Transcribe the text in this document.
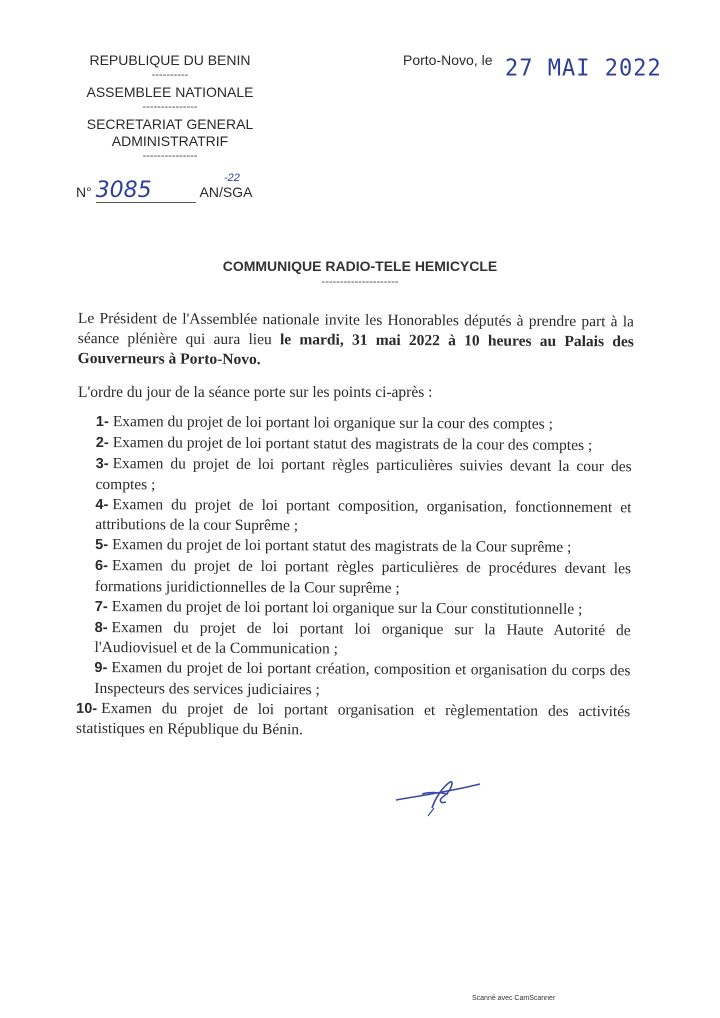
REPUBLIQUE DU BENIN
----------
ASSEMBLEE NATIONALE
---------------
SECRETARIAT GENERAL
ADMINISTRATRIF
---------------
Porto-Novo, le 27 MAI 2022
N° 3085	-22
AN/SGA
COMMUNIQUE RADIO-TELE HEMICYCLE
---------------------
Le Président de l'Assemblée nationale invite les Honorables députés à prendre part à la séance plénière qui aura lieu le mardi, 31 mai 2022 à 10 heures au Palais des Gouverneurs à Porto-Novo.
L'ordre du jour de la séance porte sur les points ci-après :
1- Examen du projet de loi portant loi organique sur la cour des comptes ;
2- Examen du projet de loi portant statut des magistrats de la cour des comptes ;
3- Examen du projet de loi portant règles particulières suivies devant la cour des comptes ;
4- Examen du projet de loi portant composition, organisation, fonctionnement et attributions de la cour Suprême ;
5- Examen du projet de loi portant statut des magistrats de la Cour suprême ;
6- Examen du projet de loi portant règles particulières de procédures devant les formations juridictionnelles de la Cour suprême ;
7- Examen du projet de loi portant loi organique sur la Cour constitutionnelle ;
8- Examen du projet de loi portant loi organique sur la Haute Autorité de l'Audiovisuel et de la Communication ;
9- Examen du projet de loi portant création, composition et organisation du corps des Inspecteurs des services judiciaires ;
10- Examen du projet de loi portant organisation et règlementation des activités statistiques en République du Bénin.
Scanné avec CamScanner
